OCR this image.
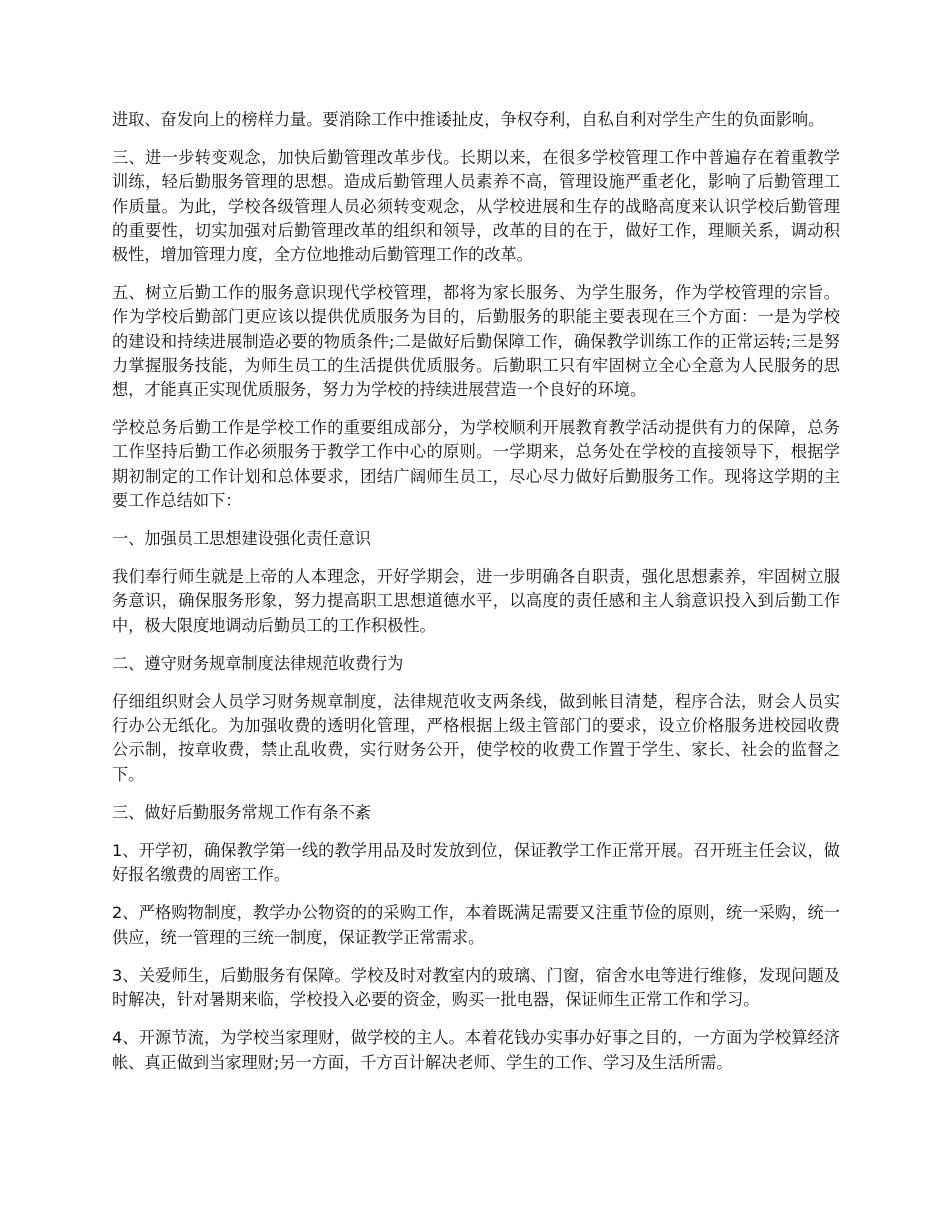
进取、奋发向上的榜样力量。要消除工作中推诿扯皮，争权夺利，自私自利对学生产生的负面影响。

三、进一步转变观念，加快后勤管理改革步伐。长期以来，在很多学校管理工作中普遍存在着重教学训练，轻后勤服务管理的思想。造成后勤管理人员素养不高，管理设施严重老化，影响了后勤管理工作质量。为此，学校各级管理人员必须转变观念，从学校进展和生存的战略高度来认识学校后勤管理的重要性，切实加强对后勤管理改革的组织和领导，改革的目的在于，做好工作，理顺关系，调动积极性，增加管理力度，全方位地推动后勤管理工作的改革。

五、树立后勤工作的服务意识现代学校管理，都将为家长服务、为学生服务，作为学校管理的宗旨。作为学校后勤部门更应该以提供优质服务为目的，后勤服务的职能主要表现在三个方面：一是为学校的建设和持续进展制造必要的物质条件;二是做好后勤保障工作，确保教学训练工作的正常运转;三是努力掌握服务技能，为师生员工的生活提供优质服务。后勤职工只有牢固树立全心全意为人民服务的思想，才能真正实现优质服务，努力为学校的持续进展营造一个良好的环境。

学校总务后勤工作是学校工作的重要组成部分，为学校顺利开展教育教学活动提供有力的保障，总务工作坚持后勤工作必须服务于教学工作中心的原则。一学期来，总务处在学校的直接领导下，根据学期初制定的工作计划和总体要求，团结广阔师生员工，尽心尽力做好后勤服务工作。现将这学期的主要工作总结如下：

一、加强员工思想建设强化责任意识

我们奉行师生就是上帝的人本理念，开好学期会，进一步明确各自职责，强化思想素养，牢固树立服务意识，确保服务形象，努力提高职工思想道德水平，以高度的责任感和主人翁意识投入到后勤工作中，极大限度地调动后勤员工的工作积极性。

二、遵守财务规章制度法律规范收费行为

仔细组织财会人员学习财务规章制度，法律规范收支两条线，做到帐目清楚，程序合法，财会人员实行办公无纸化。为加强收费的透明化管理，严格根据上级主管部门的要求，设立价格服务进校园收费公示制，按章收费，禁止乱收费，实行财务公开，使学校的收费工作置于学生、家长、社会的监督之下。

三、做好后勤服务常规工作有条不紊

1、开学初，确保教学第一线的教学用品及时发放到位，保证教学工作正常开展。召开班主任会议，做好报名缴费的周密工作。

2、严格购物制度，教学办公物资的的采购工作，本着既满足需要又注重节俭的原则，统一采购，统一供应，统一管理的三统一制度，保证教学正常需求。

3、关爱师生，后勤服务有保障。学校及时对教室内的玻璃、门窗，宿舍水电等进行维修，发现问题及时解决，针对暑期来临，学校投入必要的资金，购买一批电器，保证师生正常工作和学习。

4、开源节流，为学校当家理财，做学校的主人。本着花钱办实事办好事之目的，一方面为学校算经济帐、真正做到当家理财;另一方面，千方百计解决老师、学生的工作、学习及生活所需。
